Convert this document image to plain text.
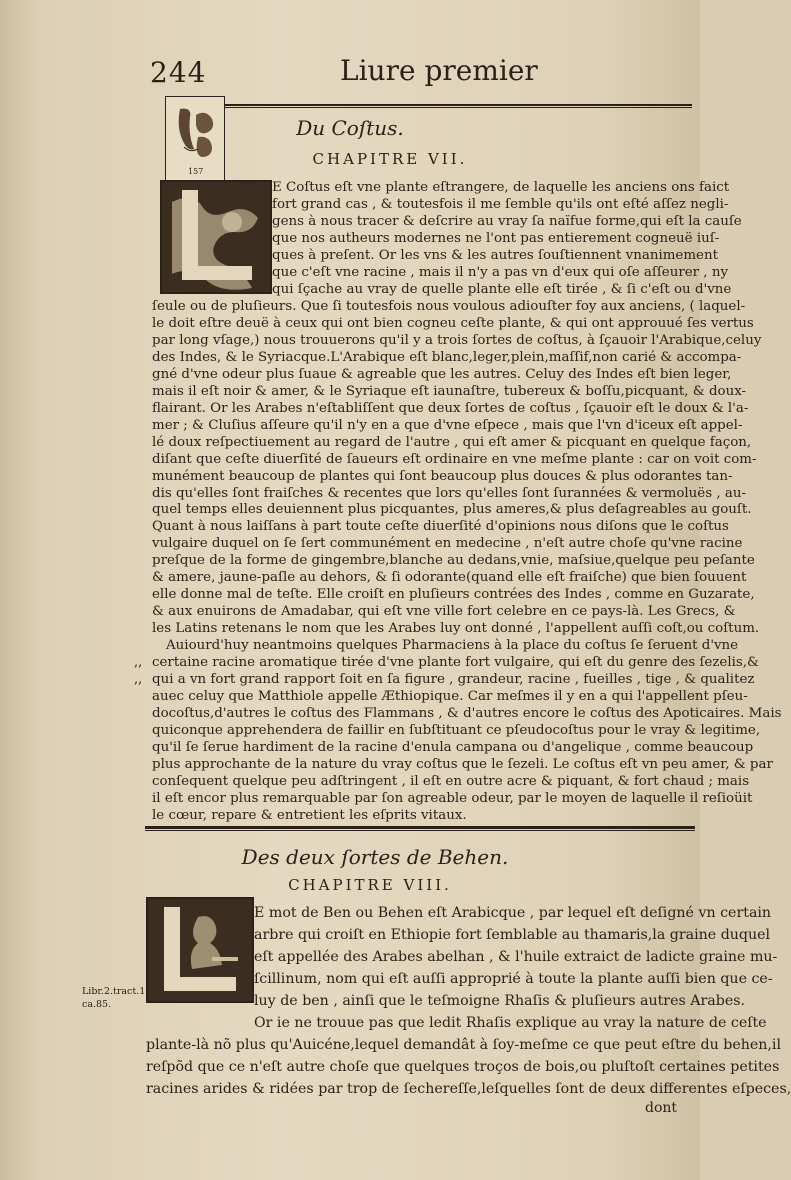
244	Liure premier
157
Du Coſtus.
CHAPITRE VII.
E Coſtus eſt vne plante eſtrangere, de laquelle les anciens ons faict
fort grand cas , & toutesfois il me ſemble qu'ils ont eſté aſſez negli-
gens à nous tracer & deſcrire au vray ſa naïfue forme,qui eſt la cauſe
que nos autheurs modernes ne l'ont pas entierement cogneuë iuſ-
ques à preſent. Or les vns & les autres ſouſtiennent vnanimement
que c'eſt vne racine , mais il n'y a pas vn d'eux qui oſe aſſeurer , ny
qui ſçache au vray de quelle plante elle eſt tirée , & ſi c'eſt ou d'vne
ſeule ou de pluſieurs. Que ſi toutesfois nous voulous adiouſter foy aux anciens, ( laquel-
le doit eſtre deuë à ceux qui ont bien cogneu ceſte plante, & qui ont approuué ſes vertus
par long vſage,) nous trouuerons qu'il y a trois ſortes de coſtus, à ſçauoir l'Arabique,celuy
des Indes, & le Syriacque.L'Arabique eſt blanc,leger,plein,maſſif,non carié & accompa-
gné d'vne odeur plus ſuaue & agreable que les autres. Celuy des Indes eſt bien leger,
mais il eſt noir & amer, & le Syriaque eſt iaunaſtre, tubereux & boſſu,picquant, & doux-
flairant. Or les Arabes n'eſtabliſſent que deux ſortes de coſtus , ſçauoir eſt le doux & l'a-
mer ; & Cluſius aſſeure qu'il n'y en a que d'vne eſpece , mais que l'vn d'iceux eſt appel-
lé doux reſpectiuement au regard de l'autre , qui eſt amer & picquant en quelque façon,
diſant que ceſte diuerſité de ſaueurs eſt ordinaire en vne meſme plante : car on voit com-
munément beaucoup de plantes qui ſont beaucoup plus douces & plus odorantes tan-
dis qu'elles ſont fraiſches & recentes que lors qu'elles ſont ſurannées & vermoluës , au-
quel temps elles deuiennent plus picquantes, plus ameres,& plus deſagreables au gouſt.
Quant à nous laiſſans à part toute ceſte diuerſité d'opinions nous diſons que le coſtus
vulgaire duquel on ſe ſert communément en medecine , n'eſt autre choſe qu'vne racine
preſque de la forme de gingembre,blanche au dedans,vnie, maſsiue,quelque peu peſante
& amere, jaune-paſle au dehors, & ſi odorante(quand elle eſt fraiſche) que bien ſouuent
elle donne mal de teſte. Elle croiſt en pluſieurs contrées des Indes , comme en Guzarate,
& aux enuirons de Amadabar, qui eſt vne ville fort celebre en ce pays-là. Les Grecs, &
les Latins retenans le nom que les Arabes luy ont donné , l'appellent auſſi coſt,ou coſtum.
Auiourd'huy neantmoins quelques Pharmaciens à la place du coſtus ſe ſeruent d'vne
certaine racine aromatique tirée d'vne plante fort vulgaire, qui eſt du genre des ſezelis,&
Des deux ſortes de Behen.
CHAPITRE VIII.
E mot de Ben ou Behen eſt Arabicque , par lequel eſt deſigné vn certain
arbre qui croiſt en Ethiopie fort ſemblable au thamaris,la graine duquel
eſt appellée des Arabes abelhan , & l'huile extraict de ladicte graine mu-
ſcillinum, nom qui eſt auſſi approprié à toute la plante auſſi bien que ce-
luy de ben , ainſi que le teſmoigne Rhaſis & pluſieurs autres Arabes.
Or ie ne trouue pas que ledit Rhaſis explique au vray la nature de ceſte
plante-là nõ plus qu'Auicéne,lequel demandât à ſoy-meſme ce que peut eſtre du behen,il
reſpõd que ce n'eſt autre choſe que quelques troços de bois,ou pluſtoſt certaines petites
racines arides & ridées par trop de ſechereſſe,leſquelles ſont de deux differentes eſpeces,
Libr.2.tract.1.
ca.85.
dont
qui a vn fort grand rapport ſoit en ſa figure , grandeur, racine , fueilles , tige , & qualitez
auec celuy que Matthiole appelle Æthiopique. Car meſmes il y en a qui l'appellent pſeu-
docoſtus,d'autres le coſtus des Flammans , & d'autres encore le coſtus des Apoticaires. Mais
quiconque apprehendera de faillir en ſubſtituant ce pſeudocoſtus pour le vray & legitime,
qu'il ſe ſerue hardiment de la racine d'enula campana ou d'angelique , comme beaucoup
plus approchante de la nature du vray coſtus que le ſezeli. Le coſtus eſt vn peu amer, & par
conſequent quelque peu adſtringent , il eſt en outre acre & piquant, & fort chaud ; mais
il eſt encor plus remarquable par ſon agreable odeur, par le moyen de laquelle il reſioüit
le cœur, repare & entretient les eſprits vitaux.
,,
,,
